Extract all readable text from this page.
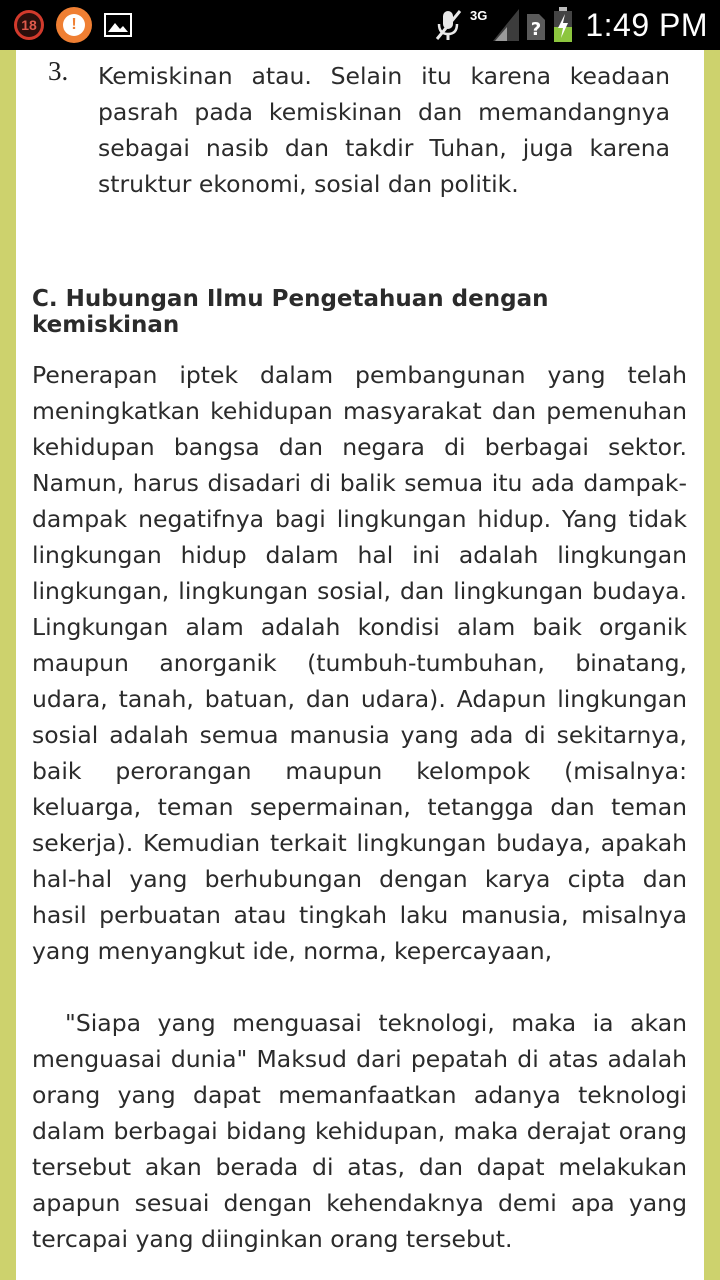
18	!
3G
? 1:49 PM
3. Kemiskinan atau. Selain itu karena keadaan pasrah pada kemiskinan dan memandangnya sebagai nasib dan takdir Tuhan, juga karena struktur ekonomi, sosial dan politik.

C. Hubungan Ilmu Pengetahuan dengan kemiskinan

Penerapan iptek dalam pembangunan yang telah meningkatkan kehidupan masyarakat dan pemenuhan kehidupan bangsa dan negara di berbagai sektor. Namun, harus disadari di balik semua itu ada dampak-dampak negatifnya bagi lingkungan hidup. Yang tidak lingkungan hidup dalam hal ini adalah lingkungan lingkungan, lingkungan sosial, dan lingkungan budaya. Lingkungan alam adalah kondisi alam baik organik maupun anorganik (tumbuh-tumbuhan, binatang, udara, tanah, batuan, dan udara). Adapun lingkungan sosial adalah semua manusia yang ada di sekitarnya, baik perorangan maupun kelompok (misalnya: keluarga, teman sepermainan, tetangga dan teman sekerja). Kemudian terkait lingkungan budaya, apakah hal-hal yang berhubungan dengan karya cipta dan hasil perbuatan atau tingkah laku manusia, misalnya yang menyangkut ide, norma, kepercayaan,

"Siapa yang menguasai teknologi, maka ia akan menguasai dunia" Maksud dari pepatah di atas adalah orang yang dapat memanfaatkan adanya teknologi dalam berbagai bidang kehidupan, maka derajat orang tersebut akan berada di atas, dan dapat melakukan apapun sesuai dengan kehendaknya demi apa yang tercapai yang diinginkan orang tersebut.
